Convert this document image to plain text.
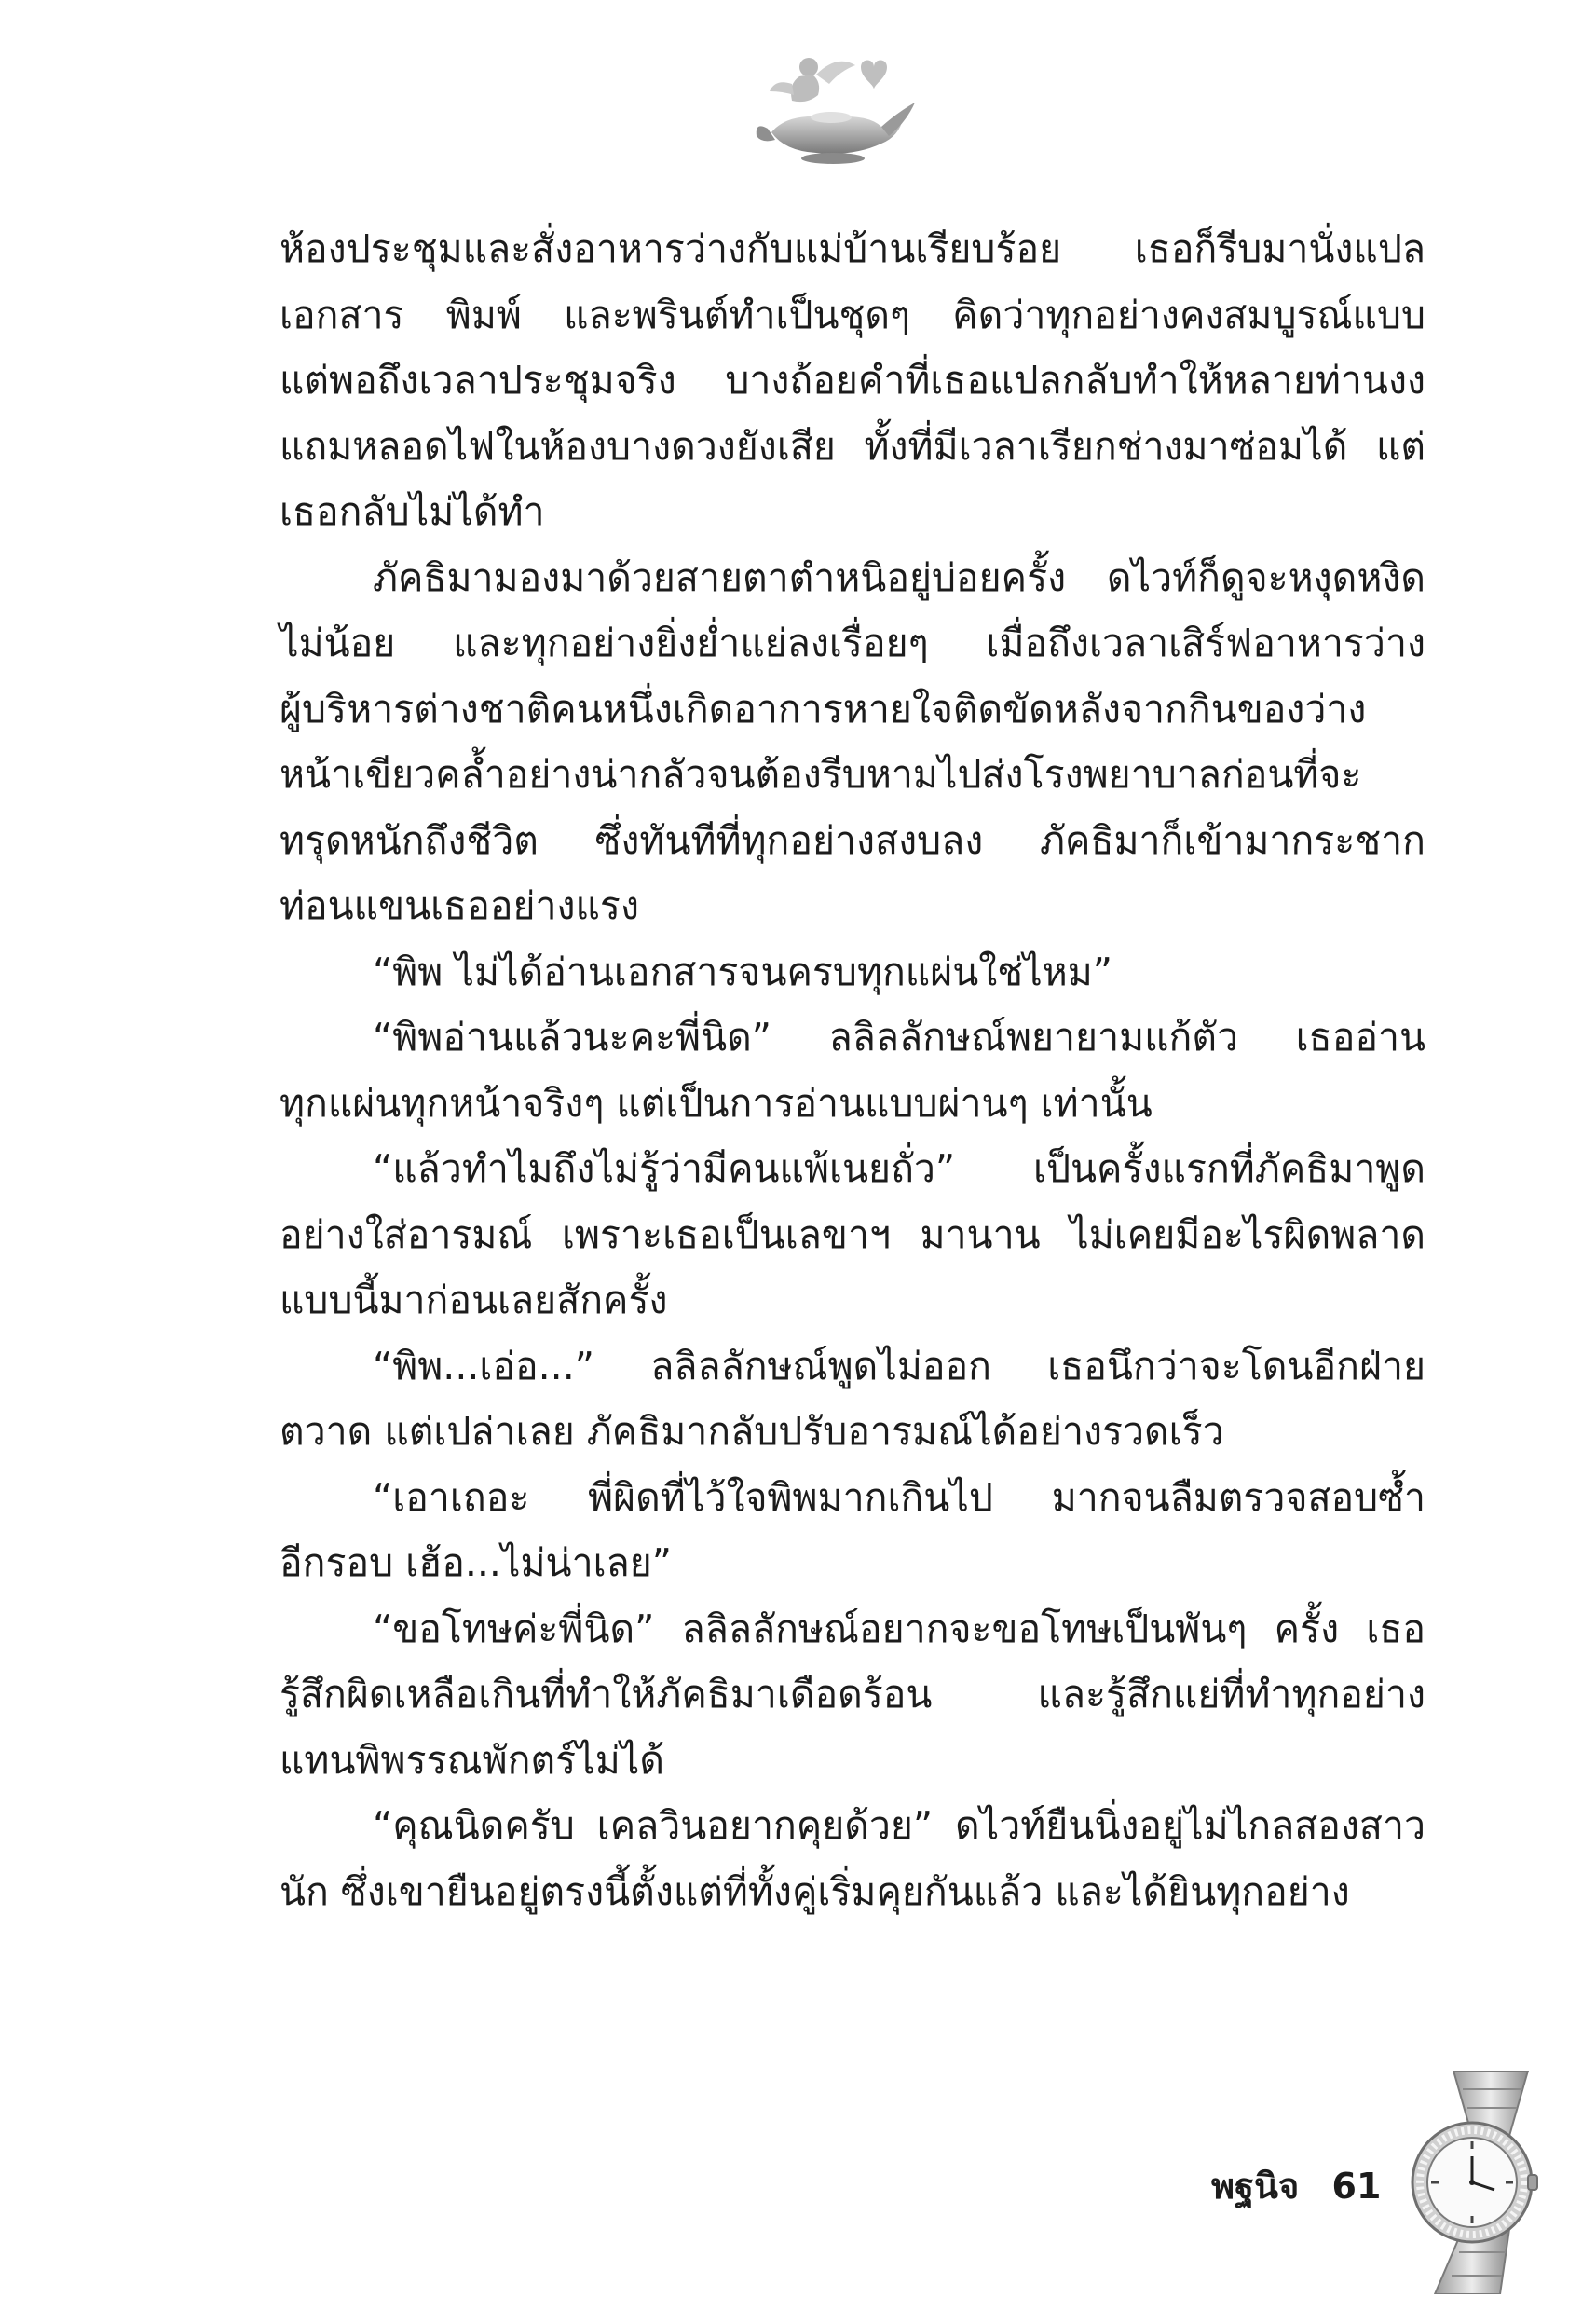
ห้องประชุมและสั่งอาหารว่างกับแม่บ้านเรียบร้อย เธอก็รีบมานั่งแปล
เอกสาร พิมพ์ และพรินต์ทำเป็นชุดๆ คิดว่าทุกอย่างคงสมบูรณ์แบบ
แต่พอถึงเวลาประชุมจริง บางถ้อยคำที่เธอแปลกลับทำให้หลายท่านงง
แถมหลอดไฟในห้องบางดวงยังเสีย ทั้งที่มีเวลาเรียกช่างมาซ่อมได้ แต่
เธอกลับไม่ได้ทำ
ภัคธิมามองมาด้วยสายตาตำหนิอยู่บ่อยครั้ง ดไวท์ก็ดูจะหงุดหงิด
ไม่น้อย และทุกอย่างยิ่งย่ำแย่ลงเรื่อยๆ เมื่อถึงเวลาเสิร์ฟอาหารว่าง
ผู้บริหารต่างชาติคนหนึ่งเกิดอาการหายใจติดขัดหลังจากกินของว่าง
หน้าเขียวคล้ำอย่างน่ากลัวจนต้องรีบหามไปส่งโรงพยาบาลก่อนที่จะ
ทรุดหนักถึงชีวิต ซึ่งทันทีที่ทุกอย่างสงบลง ภัคธิมาก็เข้ามากระชาก
ท่อนแขนเธออย่างแรง
“พิพ ไม่ได้อ่านเอกสารจนครบทุกแผ่นใช่ไหม”
“พิพอ่านแล้วนะคะพี่นิด” ลลิลลักษณ์พยายามแก้ตัว เธออ่าน
ทุกแผ่นทุกหน้าจริงๆ แต่เป็นการอ่านแบบผ่านๆ เท่านั้น
“แล้วทำไมถึงไม่รู้ว่ามีคนแพ้เนยถั่ว” เป็นครั้งแรกที่ภัคธิมาพูด
อย่างใส่อารมณ์ เพราะเธอเป็นเลขาฯ มานาน ไม่เคยมีอะไรผิดพลาด
แบบนี้มาก่อนเลยสักครั้ง
“พิพ...เอ่อ...” ลลิลลักษณ์พูดไม่ออก เธอนึกว่าจะโดนอีกฝ่าย
ตวาด แต่เปล่าเลย ภัคธิมากลับปรับอารมณ์ได้อย่างรวดเร็ว
“เอาเถอะ พี่ผิดที่ไว้ใจพิพมากเกินไป มากจนลืมตรวจสอบซ้ำ
อีกรอบ เฮ้อ...ไม่น่าเลย”
“ขอโทษค่ะพี่นิด” ลลิลลักษณ์อยากจะขอโทษเป็นพันๆ ครั้ง เธอ
รู้สึกผิดเหลือเกินที่ทำให้ภัคธิมาเดือดร้อน และรู้สึกแย่ที่ทำทุกอย่าง
แทนพิพรรณพักตร์ไม่ได้
“คุณนิดครับ เคลวินอยากคุยด้วย” ดไวท์ยืนนิ่งอยู่ไม่ไกลสองสาว
นัก ซึ่งเขายืนอยู่ตรงนี้ตั้งแต่ที่ทั้งคู่เริ่มคุยกันแล้ว และได้ยินทุกอย่าง
พฐนิจ 61
